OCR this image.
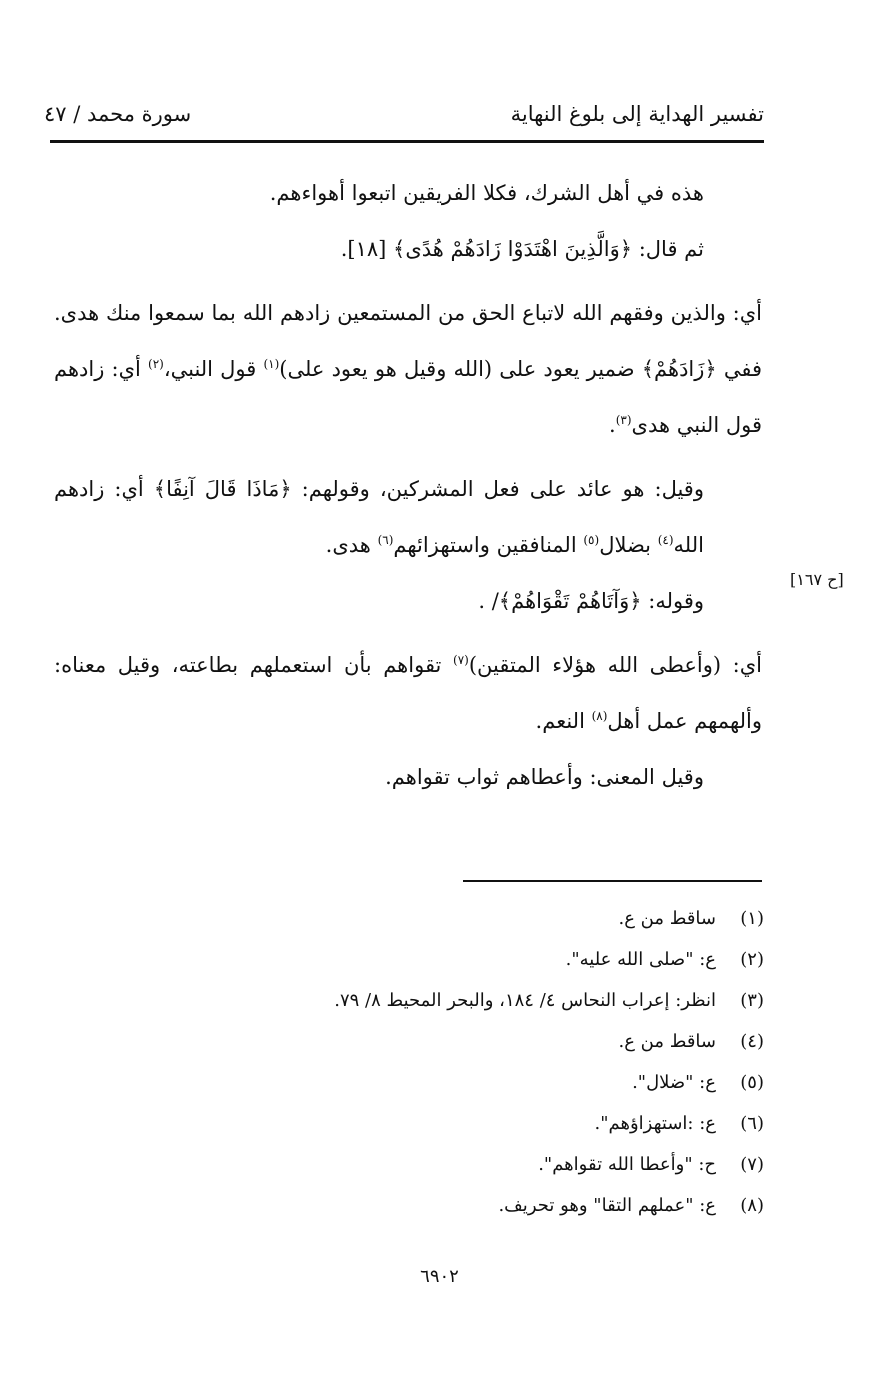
تفسير الهداية إلى بلوغ النهاية
سورة محمد / ٤٧
[ح ١٦٧]

هذه في أهل الشرك، فكلا الفريقين اتبعوا أهواءهم.

ثم قال: ﴿وَالَّذِينَ اهْتَدَوْا زَادَهُمْ هُدًى﴾ [١٨].

أي: والذين وفقهم الله لاتباع الحق من المستمعين زادهم الله بما سمعوا منك هدى. ففي ﴿زَادَهُمْ﴾ ضمير يعود على (الله وقيل هو يعود على)$^{(١)}$ قول النبي،$^{(٢)}$ أي: زادهم قول النبي هدى$^{(٣)}$.

وقيل: هو عائد على فعل المشركين، وقولهم: ﴿مَاذَا قَالَ آنِفًا﴾ أي: زادهم الله$^{(٤)}$ بضلال$^{(٥)}$ المنافقين واستهزائهم$^{(٦)}$ هدى.

وقوله: ﴿وَآتَاهُمْ تَقْوَاهُمْ﴾/ .

أي: (وأعطى الله هؤلاء المتقين)$^{(٧)}$ تقواهم بأن استعملهم بطاعته، وقيل معناه: وألهمهم عمل أهل$^{(٨)}$ النعم.

وقيل المعنى: وأعطاهم ثواب تقواهم.

(١)ساقط من ع.
(٢)ع: "صلى الله عليه".
(٣)انظر: إعراب النحاس ٤/ ١٨٤، والبحر المحيط ٨/ ٧٩.
(٤)ساقط من ع.
(٥)ع: "ضلال".
(٦)ع: :استهزاؤهم".
(٧)ح: "وأعطا الله تقواهم".
(٨)ع: "عملهم التقا" وهو تحريف.
٦٩٠٢
